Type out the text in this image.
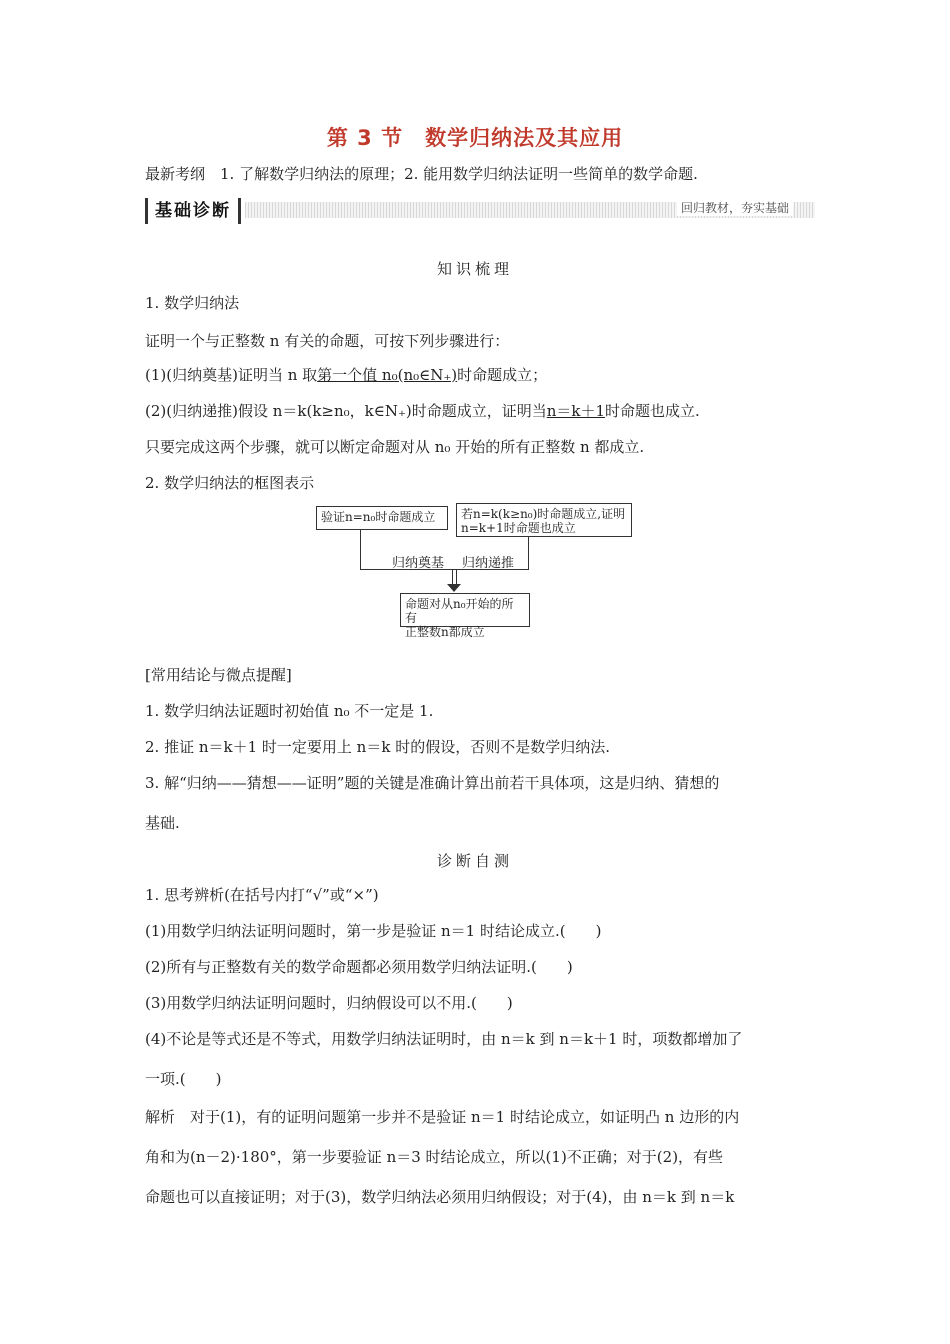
第 3 节　数学归纳法及其应用
最新考纲　1. 了解数学归纳法的原理；2. 能用数学归纳法证明一些简单的数学命题.
基础诊断	回归教材，夯实基础
知识梳理
1. 数学归纳法
证明一个与正整数 n 有关的命题，可按下列步骤进行：
(1)(归纳奠基)证明当 n 取第一个值 n₀(n₀∈N₊)时命题成立；
(2)(归纳递推)假设 n＝k(k≥n₀，k∈N₊)时命题成立，证明当n＝k＋1时命题也成立.
只要完成这两个步骤，就可以断定命题对从 n₀ 开始的所有正整数 n 都成立.
2. 数学归纳法的框图表示
验证n=n₀时命题成立	若n=k(k≥n₀)时命题成立,证明
n=k+1时命题也成立
归纳奠基 归纳递推
命题对从n₀开始的所有
正整数n都成立
[常用结论与微点提醒]
1. 数学归纳法证题时初始值 n₀ 不一定是 1.
2. 推证 n＝k＋1 时一定要用上 n＝k 时的假设，否则不是数学归纳法.
3. 解“归纳——猜想——证明”题的关键是准确计算出前若干具体项，这是归纳、猜想的
基础.
诊断自测
1. 思考辨析(在括号内打“√”或“×”)
(1)用数学归纳法证明问题时，第一步是验证 n＝1 时结论成立.(　　)
(2)所有与正整数有关的数学命题都必须用数学归纳法证明.(　　)
(3)用数学归纳法证明问题时，归纳假设可以不用.(　　)
(4)不论是等式还是不等式，用数学归纳法证明时，由 n＝k 到 n＝k＋1 时，项数都增加了
一项.(　　)
解析　对于(1)，有的证明问题第一步并不是验证 n＝1 时结论成立，如证明凸 n 边形的内
角和为(n－2)·180°，第一步要验证 n＝3 时结论成立，所以(1)不正确；对于(2)，有些
命题也可以直接证明；对于(3)，数学归纳法必须用归纳假设；对于(4)，由 n＝k 到 n＝k
